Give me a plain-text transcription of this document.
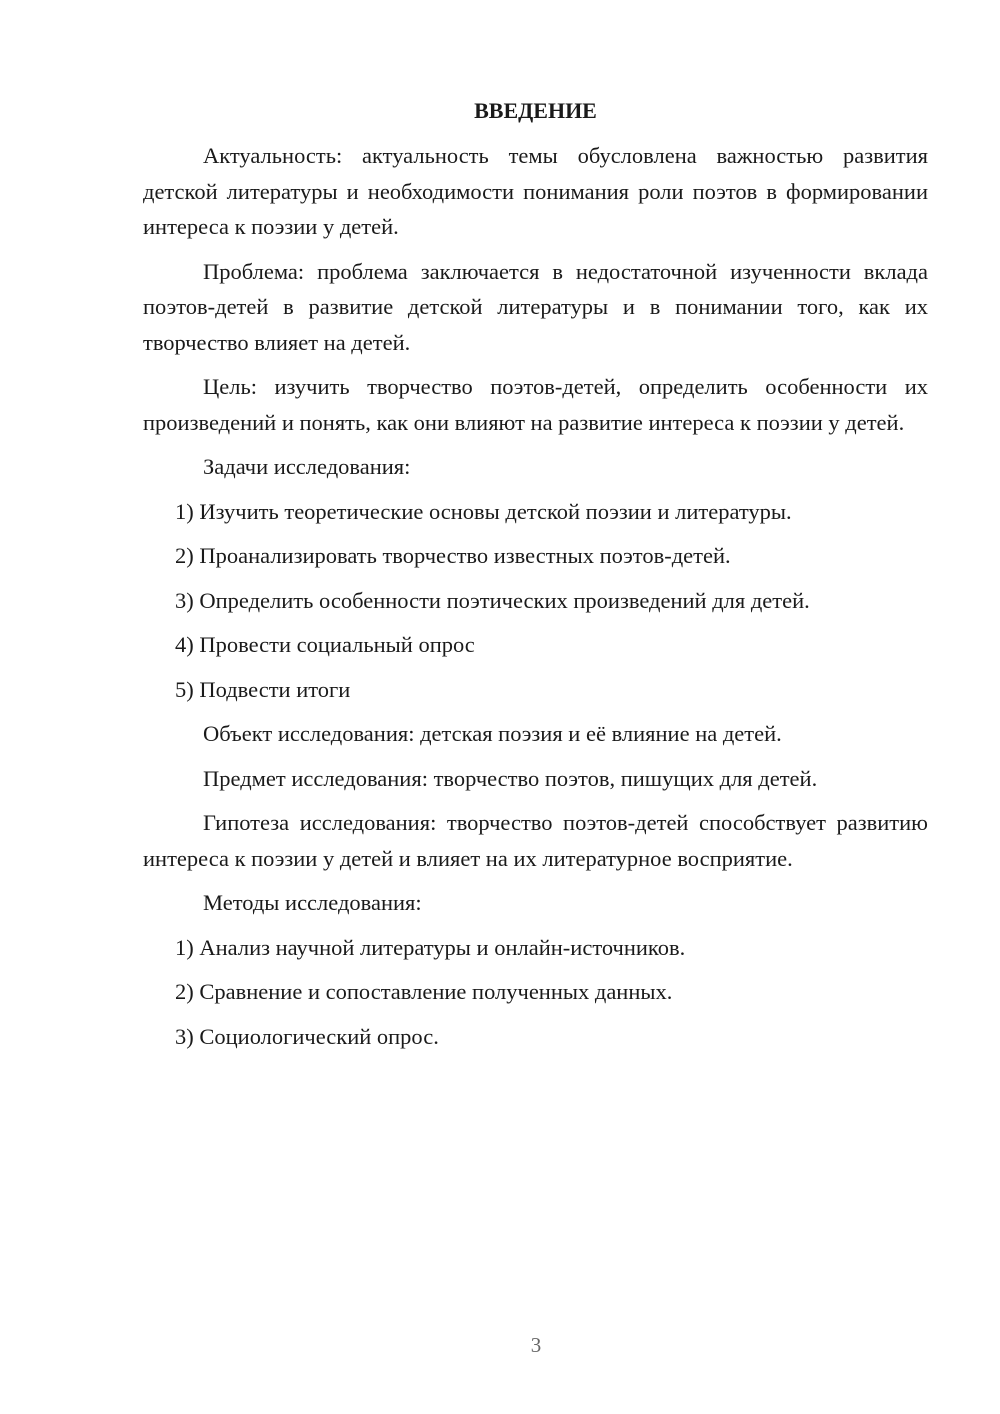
ВВЕДЕНИЕ
Актуальность: актуальность темы обусловлена важностью развития детской литературы и необходимости понимания роли поэтов в формировании интереса к поэзии у детей.
Проблема: проблема заключается в недостаточной изученности вклада поэтов-детей в развитие детской литературы и в понимании того, как их творчество влияет на детей.
Цель: изучить творчество поэтов-детей, определить особенности их произведений и понять, как они влияют на развитие интереса к поэзии у детей.
Задачи исследования:
1) Изучить теоретические основы детской поэзии и литературы.
2) Проанализировать творчество известных поэтов-детей.
3) Определить особенности поэтических произведений для детей.
4) Провести социальный опрос
5) Подвести итоги
Объект исследования: детская поэзия и её влияние на детей.
Предмет исследования: творчество поэтов, пишущих для детей.
Гипотеза исследования: творчество поэтов-детей способствует развитию интереса к поэзии у детей и влияет на их литературное восприятие.
Методы исследования:
1) Анализ научной литературы и онлайн-источников.
2) Сравнение и сопоставление полученных данных.
3) Социологический опрос.
3
